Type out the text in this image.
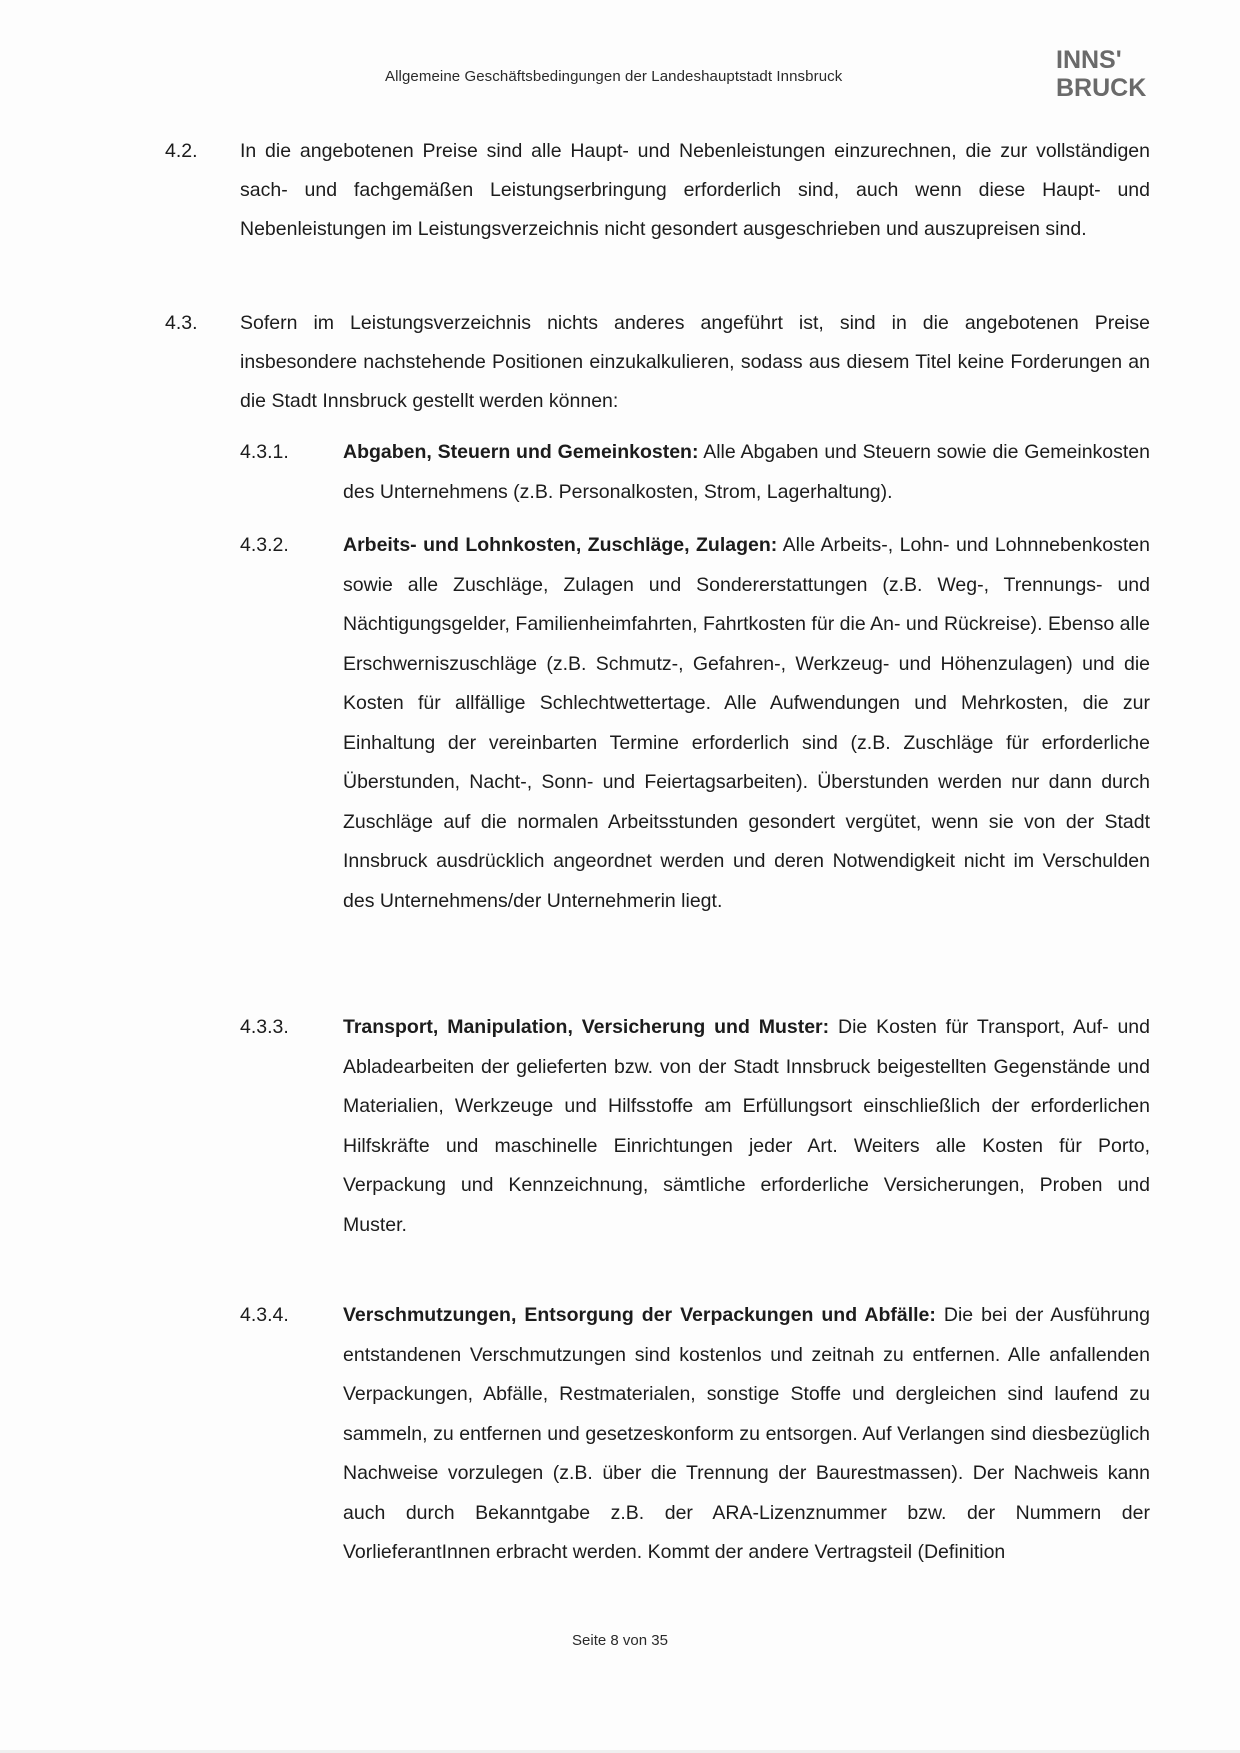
Allgemeine Geschäftsbedingungen der Landeshauptstadt Innsbruck
INNS'
BRUCK
4.2. In die angebotenen Preise sind alle Haupt- und Nebenleistungen einzurechnen, die zur vollständigen sach- und fachgemäßen Leistungserbringung erforderlich sind, auch wenn diese Haupt- und Nebenleistungen im Leistungsverzeichnis nicht gesondert ausgeschrieben und auszupreisen sind.
4.3. Sofern im Leistungsverzeichnis nichts anderes angeführt ist, sind in die angebotenen Preise insbesondere nachstehende Positionen einzukalkulieren, sodass aus diesem Titel keine Forderungen an die Stadt Innsbruck gestellt werden können:
4.3.1.	Abgaben, Steuern und Gemeinkosten: Alle Abgaben und Steuern sowie die Gemeinkosten des Unternehmens (z.B. Personalkosten, Strom, Lagerhaltung).
4.3.2.	Arbeits- und Lohnkosten, Zuschläge, Zulagen: Alle Arbeits-, Lohn- und Lohnnebenkosten sowie alle Zuschläge, Zulagen und Sondererstattungen (z.B. Weg-, Trennungs- und Nächtigungsgelder, Familienheimfahrten, Fahrtkosten für die An- und Rückreise). Ebenso alle Erschwerniszuschläge (z.B. Schmutz-, Gefahren-, Werkzeug- und Höhenzulagen) und die Kosten für allfällige Schlechtwettertage. Alle Aufwendungen und Mehrkosten, die zur Einhaltung der vereinbarten Termine erforderlich sind (z.B. Zuschläge für erforderliche Überstunden, Nacht-, Sonn- und Feiertagsarbeiten). Überstunden werden nur dann durch Zuschläge auf die normalen Arbeitsstunden gesondert vergütet, wenn sie von der Stadt Innsbruck ausdrücklich angeordnet werden und deren Notwendigkeit nicht im Verschulden des Unternehmens/der Unternehmerin liegt.
4.3.3.	Transport, Manipulation, Versicherung und Muster: Die Kosten für Transport, Auf- und Abladearbeiten der gelieferten bzw. von der Stadt Innsbruck beigestellten Gegenstände und Materialien, Werkzeuge und Hilfsstoffe am Erfüllungsort einschließlich der erforderlichen Hilfskräfte und maschinelle Einrichtungen jeder Art. Weiters alle Kosten für Porto, Verpackung und Kennzeichnung, sämtliche erforderliche Versicherungen, Proben und Muster.
4.3.4.	Verschmutzungen, Entsorgung der Verpackungen und Abfälle: Die bei der Ausführung entstandenen Verschmutzungen sind kostenlos und zeitnah zu entfernen. Alle anfallenden Verpackungen, Abfälle, Restmaterialen, sonstige Stoffe und dergleichen sind laufend zu sammeln, zu entfernen und gesetzeskonform zu entsorgen. Auf Verlangen sind diesbezüglich Nachweise vorzulegen (z.B. über die Trennung der Baurestmassen). Der Nachweis kann auch durch Bekanntgabe z.B. der ARA-Lizenznummer bzw. der Nummern der VorlieferantInnen erbracht werden. Kommt der andere Vertragsteil (Definition
Seite 8 von 35
